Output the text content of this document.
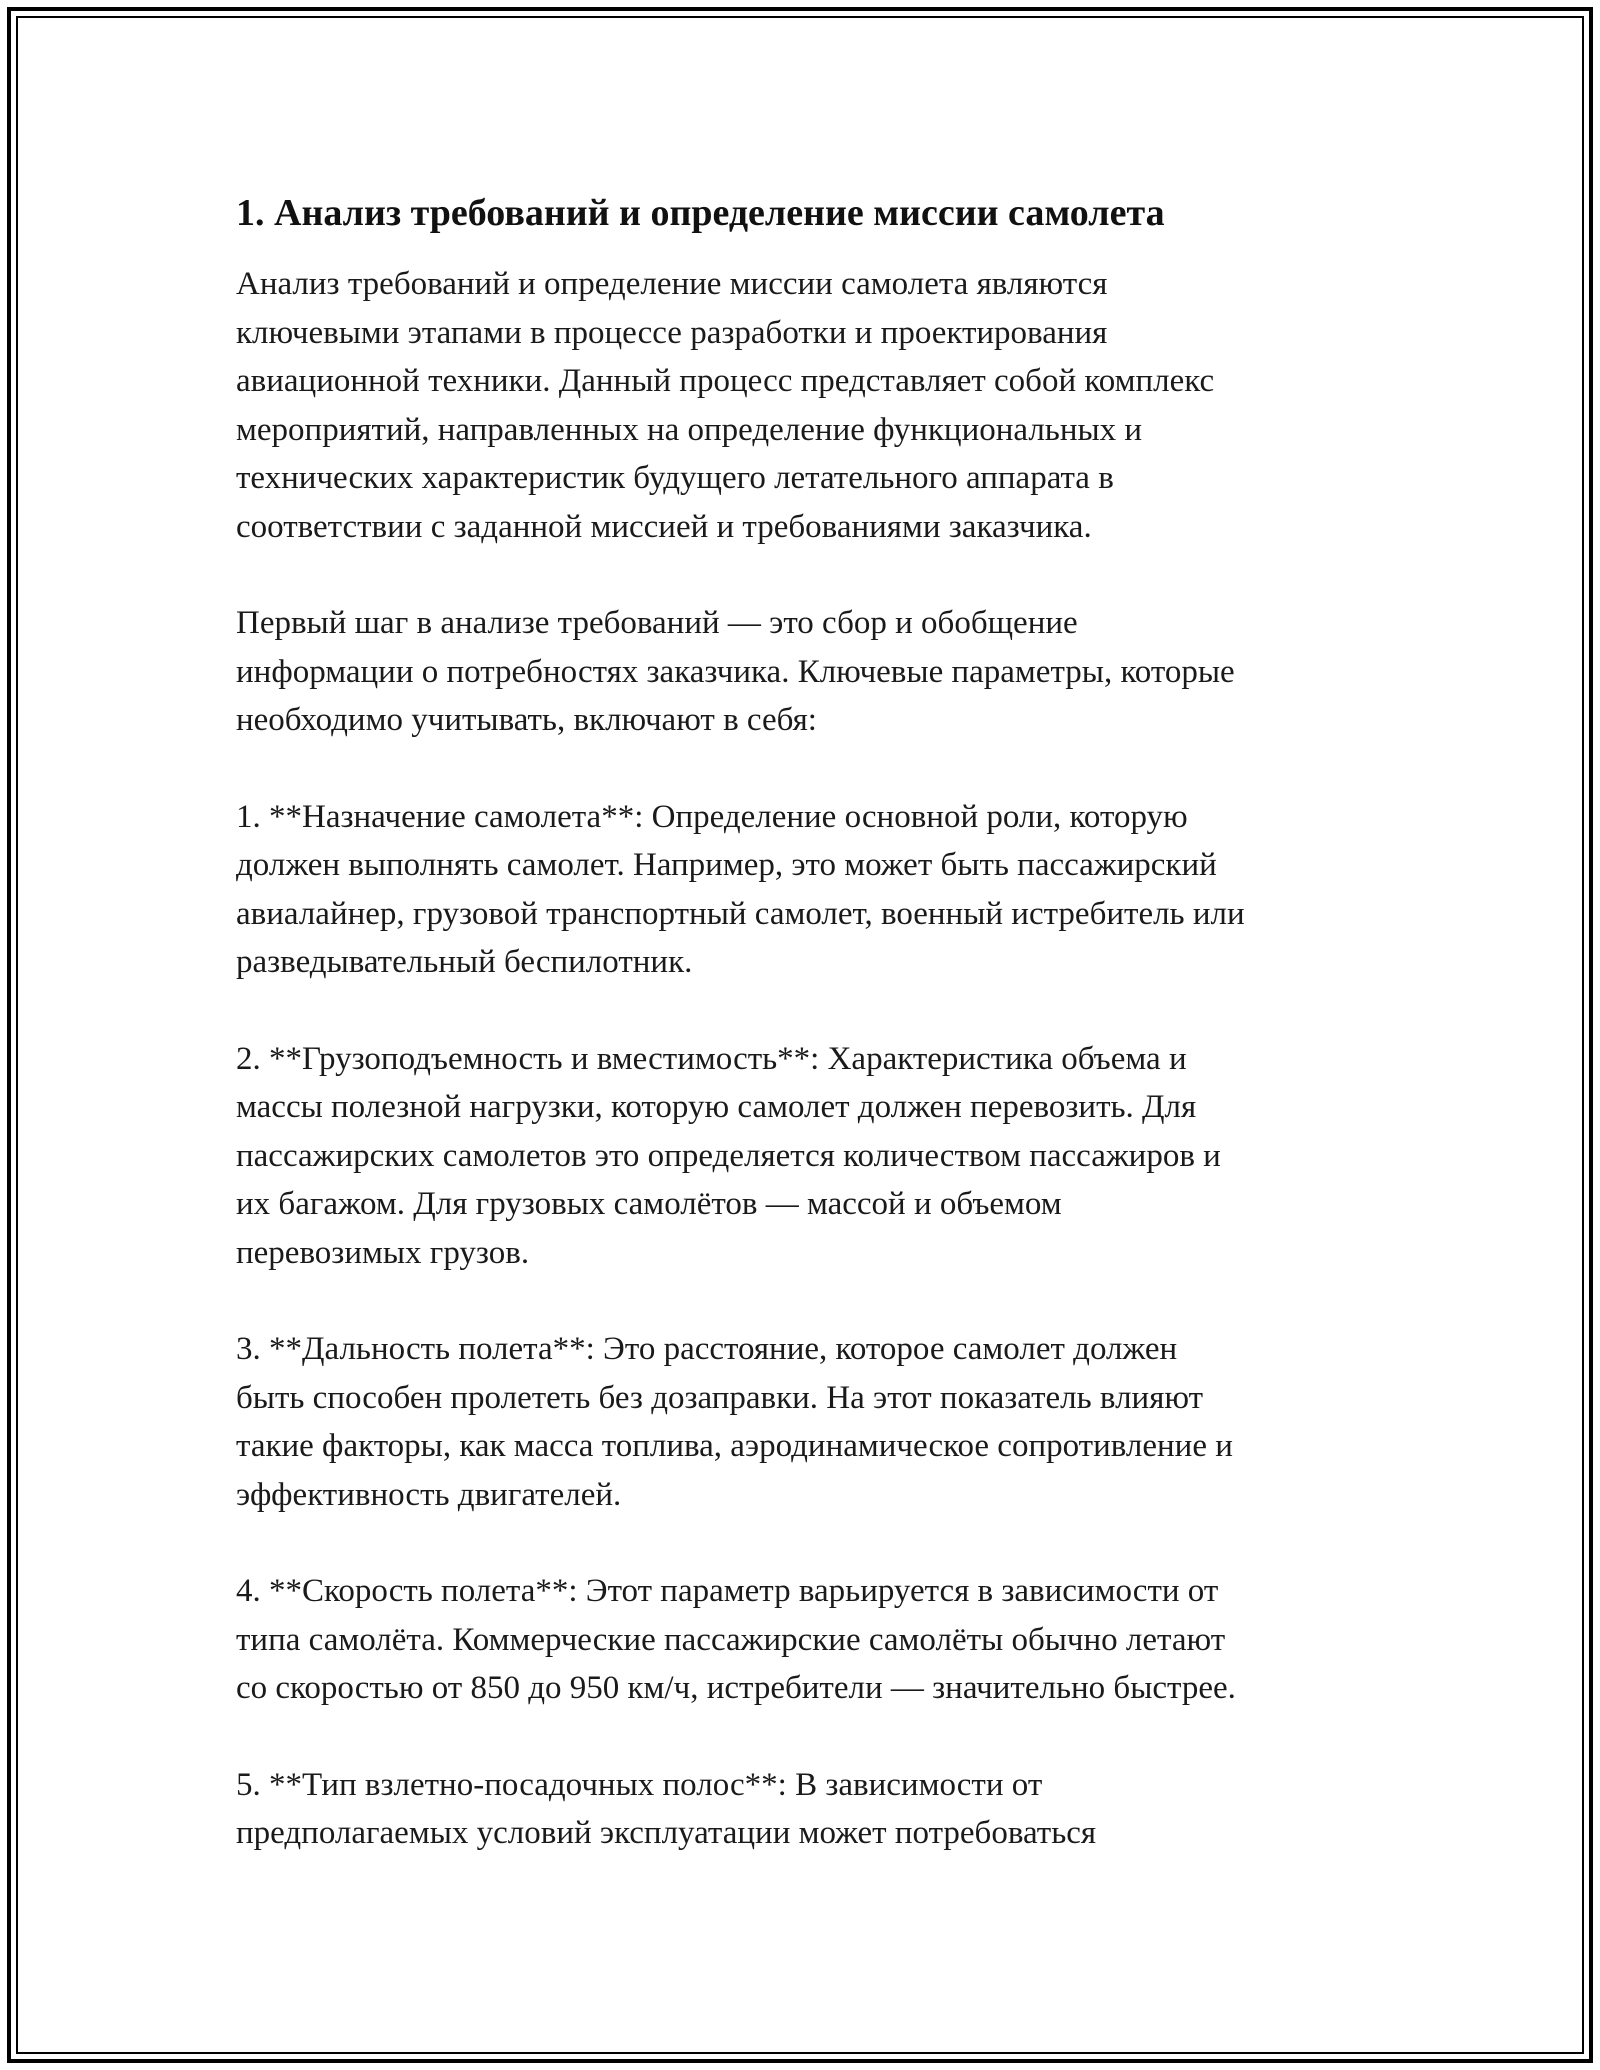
1. Анализ требований и определение миссии самолета

Анализ требований и определение миссии самолета являются
ключевыми этапами в процессе разработки и проектирования
авиационной техники. Данный процесс представляет собой комплекс
мероприятий, направленных на определение функциональных и
технических характеристик будущего летательного аппарата в
соответствии с заданной миссией и требованиями заказчика.

Первый шаг в анализе требований — это сбор и обобщение
информации о потребностях заказчика. Ключевые параметры, которые
необходимо учитывать, включают в себя:

1. **Назначение самолета**: Определение основной роли, которую
должен выполнять самолет. Например, это может быть пассажирский
авиалайнер, грузовой транспортный самолет, военный истребитель или
разведывательный беспилотник.

2. **Грузоподъемность и вместимость**: Характеристика объема и
массы полезной нагрузки, которую самолет должен перевозить. Для
пассажирских самолетов это определяется количеством пассажиров и
их багажом. Для грузовых самолётов — массой и объемом
перевозимых грузов.

3. **Дальность полета**: Это расстояние, которое самолет должен
быть способен пролететь без дозаправки. На этот показатель влияют
такие факторы, как масса топлива, аэродинамическое сопротивление и
эффективность двигателей.

4. **Скорость полета**: Этот параметр варьируется в зависимости от
типа самолёта. Коммерческие пассажирские самолёты обычно летают
со скоростью от 850 до 950 км/ч, истребители — значительно быстрее.

5. **Тип взлетно-посадочных полос**: В зависимости от
предполагаемых условий эксплуатации может потребоваться
